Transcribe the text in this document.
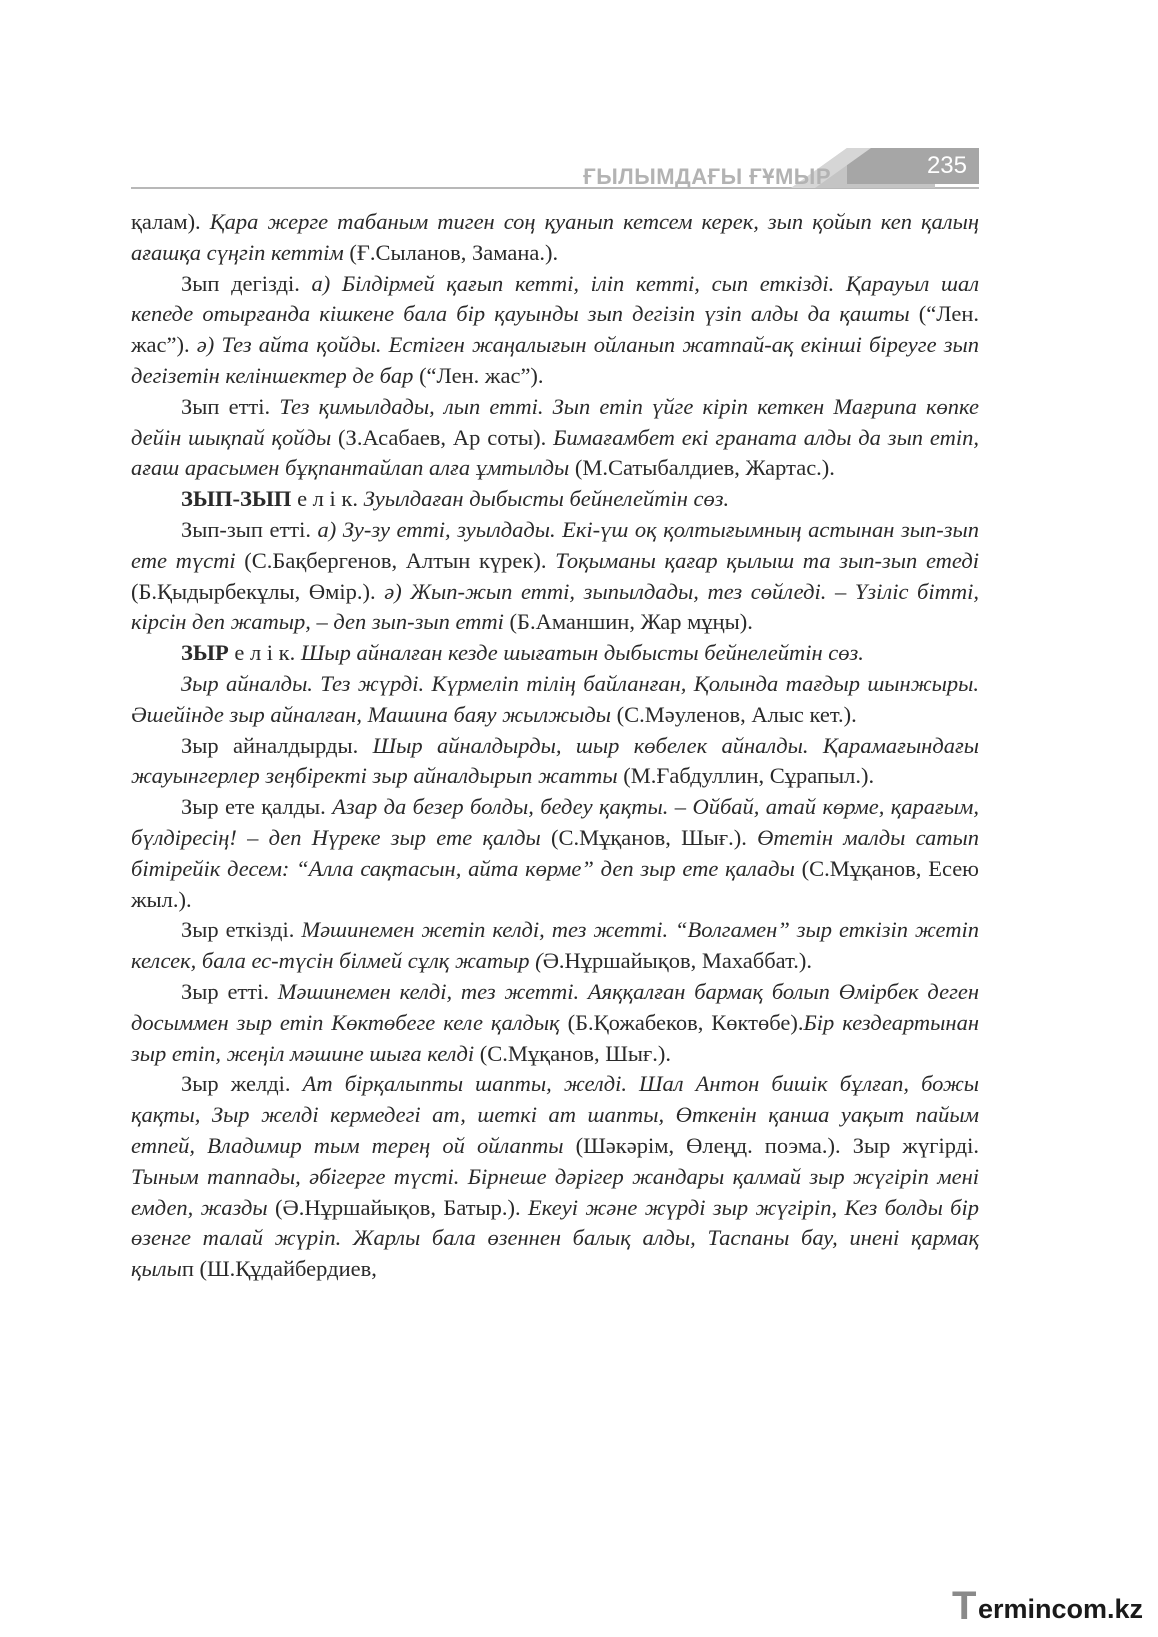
ҒЫЛЫМДАҒЫ ҒҰМЫР	235

қалам). Қара жерге табаным тиген соң қуанып кетсем керек, зып қойып кеп қалың ағашқа сүңгіп кеттім (Ғ.Сыланов, Замана.).

Зып дегізді. а) Білдірмей қағып кетті, іліп кетті, сып еткізді. Қарауыл шал кепеде отырғанда кішкене бала бір қауынды зып дегізіп үзіп алды да қашты (“Лен. жас”). ә) Тез айта қойды. Естіген жаңалығын ойланып жатпай-ақ екінші біреуге зып дегізетін келіншектер де бар (“Лен. жас”).

Зып етті. Тез қимылдады, лып етті. Зып етіп үйге кіріп кеткен Мағрипа көпке дейін шықпай қойды (З.Асабаев, Ар соты). Бимағамбет екі граната алды да зып етіп, ағаш арасымен бұқпантайлап алға ұмтылды (М.Сатыбалдиев, Жартас.).

ЗЫП-ЗЫП е л і к. Зуылдаған дыбысты бейнелейтін сөз.

Зып-зып етті. а) Зу-зу етті, зуылдады. Екі-үш оқ қолтығымның астынан зып-зып ете түсті (С.Бақбергенов, Алтын күрек). Тоқыманы қағар қылыш та зып-зып етеді (Б.Қыдырбекұлы, Өмір.). ә) Жып-жып етті, зыпылдады, тез сөйледі. – Үзіліс бітті, кірсін деп жатыр, – деп зып-зып етті (Б.Аманшин, Жар мұңы).

ЗЫР е л і к. Шыр айналған кезде шығатын дыбысты бейнелейтін сөз.

Зыр айналды. Тез жүрді. Күрмеліп тілің байланған, Қолында тағдыр шынжыры. Әшейінде зыр айналған, Машина баяу жылжыды (С.Мәуленов, Алыс кет.).

Зыр айналдырды. Шыр айналдырды, шыр көбелек айналды. Қарамағындағы жауынгерлер зеңбіректі зыр айналдырып жатты (М.Ғабдуллин, Сұрапыл.).

Зыр ете қалды. Азар да безер болды, бедеу қақты. – Ойбай, атай көрме, қарағым, бүлдіресің! – деп Нүреке зыр ете қалды (С.Мұқанов, Шығ.). Өтетін малды сатып бітірейік десем: “Алла сақтасын, айта көрме” деп зыр ете қалады (С.Мұқанов, Есею жыл.).

Зыр еткізді. Мәшинемен жетіп келді, тез жетті. “Волгамен” зыр еткізіп жетіп келсек, бала ес-түсін білмей сұлқ жатыр (Ә.Нұршайықов, Махаббат.).

Зыр етті. Мәшинемен келді, тез жетті. Аяққалған бармақ болып Өмірбек деген досыммен зыр етіп Көктөбеге келе қалдық (Б.Қожабеков, Көктөбе).Бір кездеартынан зыр етіп, жеңіл мәшине шыға келді (С.Мұқанов, Шығ.).

Зыр желді. Ат бірқалыпты шапты, желді. Шал Антон бишік бұлғап, божы қақты, Зыр желді кермедегі ат, шеткі ат шапты, Өткенін қанша уақыт пайым етпей, Владимир тым терең ой ойлапты (Шәкәрім, Өлеңд. поэма.). Зыр жүгірді. Тыным таппады, әбігерге түсті. Бірнеше дәрігер жандары қалмай зыр жүгіріп мені емдеп, жазды (Ә.Нұршайықов, Батыр.). Екеуі және жүрді зыр жүгіріп, Кез болды бір өзенге талай жүріп. Жарлы бала өзеннен балық алды, Таспаны бау, инені қармақ қылып (Ш.Құдайбердиев,

T ermincom.kz
